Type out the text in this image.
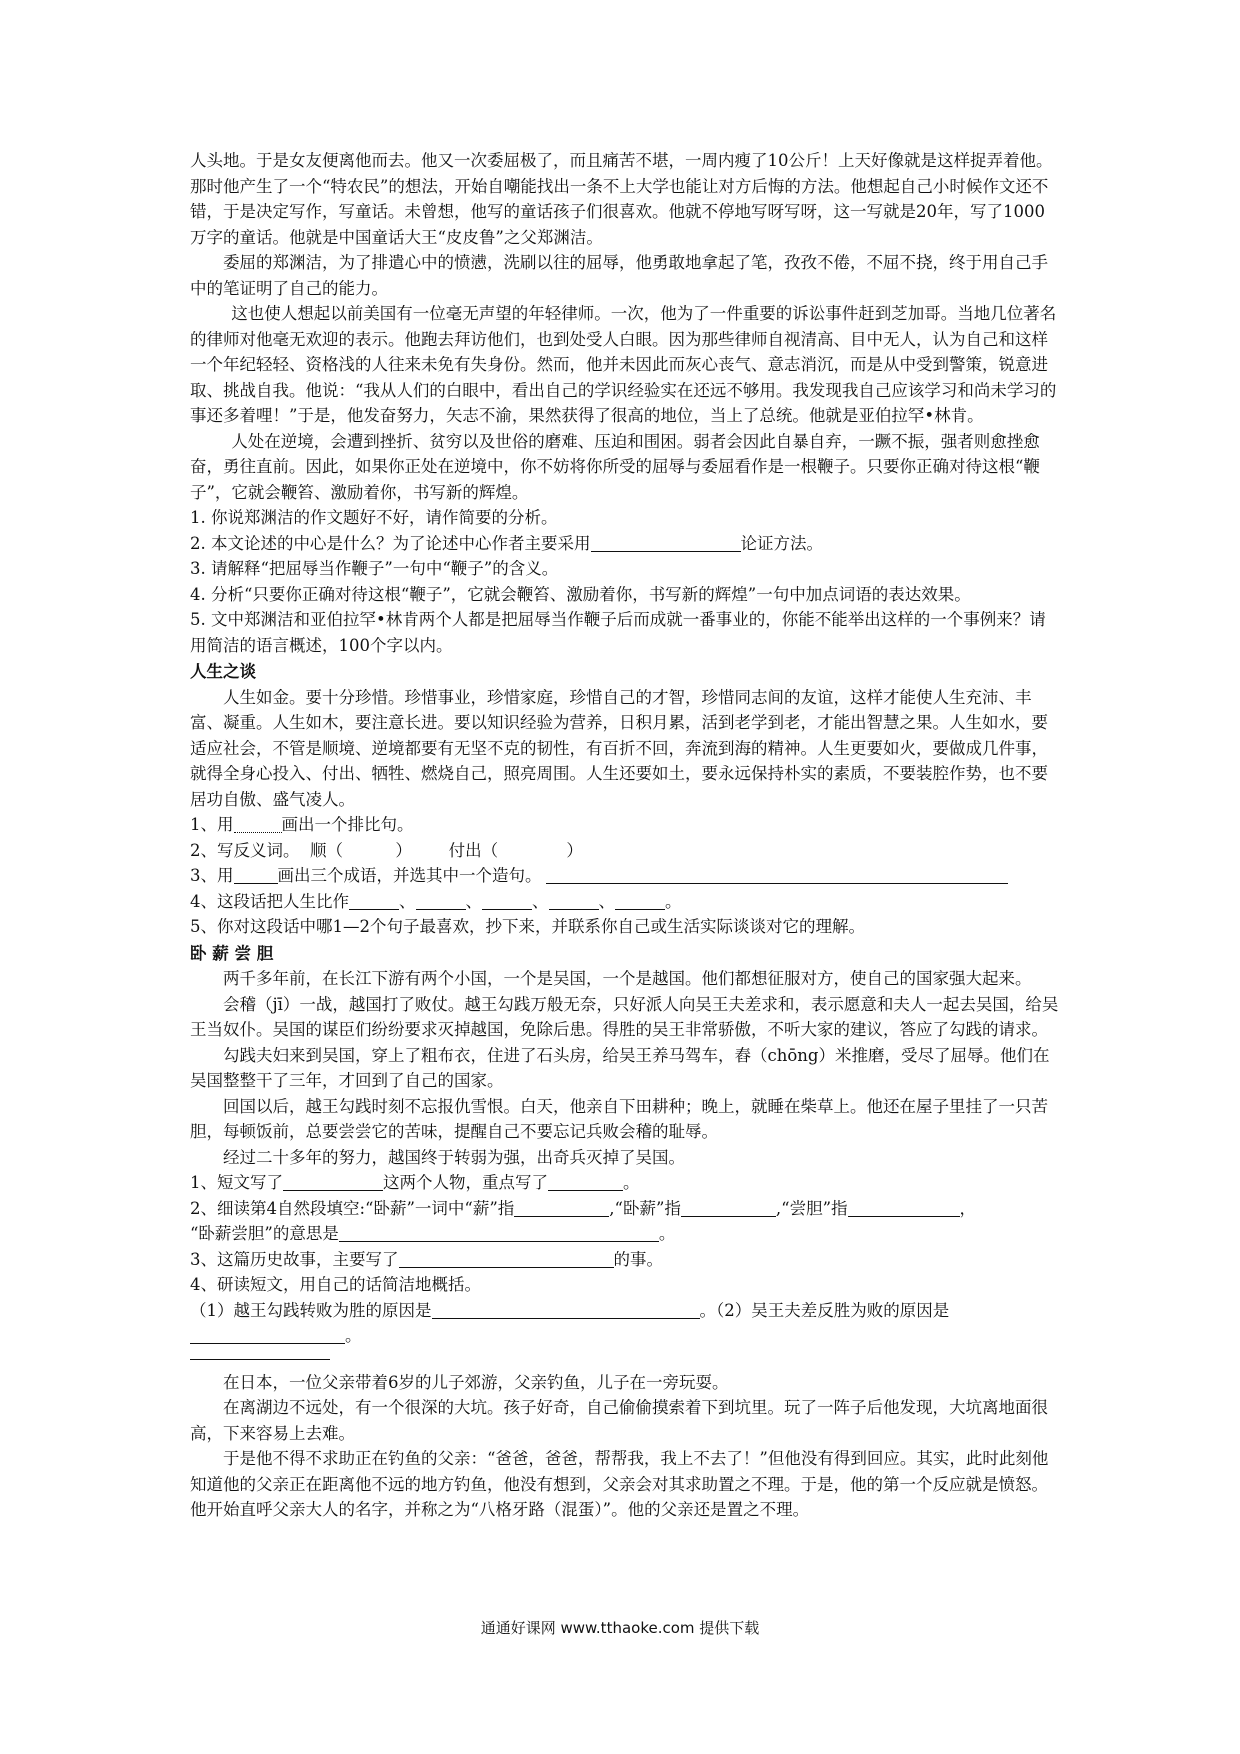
人头地。于是女友便离他而去。他又一次委屈极了，而且痛苦不堪，一周内瘦了10公斤！上天好像就是这样捉弄着他。那时他产生了一个“特农民”的想法，开始自嘲能找出一条不上大学也能让对方后悔的方法。他想起自己小时候作文还不错，于是决定写作，写童话。未曾想，他写的童话孩子们很喜欢。他就不停地写呀写呀，这一写就是20年，写了1000万字的童话。他就是中国童话大王“皮皮鲁”之父郑渊洁。

委屈的郑渊洁，为了排遣心中的愤懑，洗刷以往的屈辱，他勇敢地拿起了笔，孜孜不倦，不屈不挠，终于用自己手中的笔证明了自己的能力。

这也使人想起以前美国有一位毫无声望的年轻律师。一次，他为了一件重要的诉讼事件赶到芝加哥。当地几位著名的律师对他毫无欢迎的表示。他跑去拜访他们，也到处受人白眼。因为那些律师自视清高、目中无人，认为自己和这样一个年纪轻轻、资格浅的人往来未免有失身份。然而，他并未因此而灰心丧气、意志消沉，而是从中受到警策，锐意进取、挑战自我。他说：“我从人们的白眼中，看出自己的学识经验实在还远不够用。我发现我自己应该学习和尚未学习的事还多着哩！”于是，他发奋努力，矢志不渝，果然获得了很高的地位，当上了总统。他就是亚伯拉罕•林肯。

人处在逆境，会遭到挫折、贫穷以及世俗的磨难、压迫和围困。弱者会因此自暴自弃，一蹶不振，强者则愈挫愈奋，勇往直前。因此，如果你正处在逆境中，你不妨将你所受的屈辱与委屈看作是一根鞭子。只要你正确对待这根“鞭子”，它就会鞭笞、激励着你，书写新的辉煌。

1. 你说郑渊洁的作文题好不好，请作简要的分析。

2. 本文论述的中心是什么？为了论述中心作者主要采用	论证方法。

3. 请解释“把屈辱当作鞭子”一句中“鞭子”的含义。

4. 分析“只要你正确对待这根“鞭子”，它就会鞭笞、激励着你，书写新的辉煌”一句中加点词语的表达效果。

5. 文中郑渊洁和亚伯拉罕•林肯两个人都是把屈辱当作鞭子后而成就一番事业的，你能不能举出这样的一个事例来？请用简洁的语言概述，100个字以内。

人生之谈

人生如金。要十分珍惜。珍惜事业，珍惜家庭，珍惜自己的才智，珍惜同志间的友谊，这样才能使人生充沛、丰富、凝重。人生如木，要注意长进。要以知识经验为营养，日积月累，活到老学到老，才能出智慧之果。人生如水，要适应社会，不管是顺境、逆境都要有无坚不克的韧性，有百折不回，奔流到海的精神。人生更要如火，要做成几件事，就得全身心投入、付出、牺牲、燃烧自己，照亮周围。人生还要如土，要永远保持朴实的素质，不要装腔作势，也不要居功自傲、盛气凌人。

1、用	画出一个排比句。

2、写反义词。  顺（          ）       付出（             ）

3、用	画出三个成语，并选其中一个造句。

4、这段话把人生比作	、	、	、	、	。

5、你对这段话中哪1—2个句子最喜欢，抄下来，并联系你自己或生活实际谈谈对它的理解。

卧 薪 尝 胆

两千多年前，在长江下游有两个小国，一个是吴国，一个是越国。他们都想征服对方，使自己的国家强大起来。

会稽（jī）一战，越国打了败仗。越王勾践万般无奈，只好派人向吴王夫差求和，表示愿意和夫人一起去吴国，给吴王当奴仆。吴国的谋臣们纷纷要求灭掉越国，免除后患。得胜的吴王非常骄傲，不听大家的建议，答应了勾践的请求。

勾践夫妇来到吴国，穿上了粗布衣，住进了石头房，给吴王养马驾车，舂（chōng）米推磨，受尽了屈辱。他们在吴国整整干了三年，才回到了自己的国家。

回国以后，越王勾践时刻不忘报仇雪恨。白天，他亲自下田耕种；晚上，就睡在柴草上。他还在屋子里挂了一只苦胆，每顿饭前，总要尝尝它的苦味，提醒自己不要忘记兵败会稽的耻辱。

经过二十多年的努力，越国终于转弱为强，出奇兵灭掉了吴国。

1、短文写了	这两个人物，重点写了	。

2、细读第4自然段填空:“卧薪”一词中“薪”指	,“卧薪”指	,“尝胆”指	，

“卧薪尝胆”的意思是	。

3、这篇历史故事，主要写了	的事。

4、研读短文，用自己的话简洁地概括。

（1）越王勾践转败为胜的原因是	。（2）吴王夫差反胜为败的原因是
。

在日本，一位父亲带着6岁的儿子郊游，父亲钓鱼，儿子在一旁玩耍。

在离湖边不远处，有一个很深的大坑。孩子好奇，自己偷偷摸索着下到坑里。玩了一阵子后他发现，大坑离地面很高，下来容易上去难。

于是他不得不求助正在钓鱼的父亲：“爸爸，爸爸，帮帮我，我上不去了！”但他没有得到回应。其实，此时此刻他知道他的父亲正在距离他不远的地方钓鱼，他没有想到，父亲会对其求助置之不理。于是，他的第一个反应就是愤怒。他开始直呼父亲大人的名字，并称之为“八格牙路（混蛋）”。他的父亲还是置之不理。

通通好课网 www.tthaoke.com 提供下载
